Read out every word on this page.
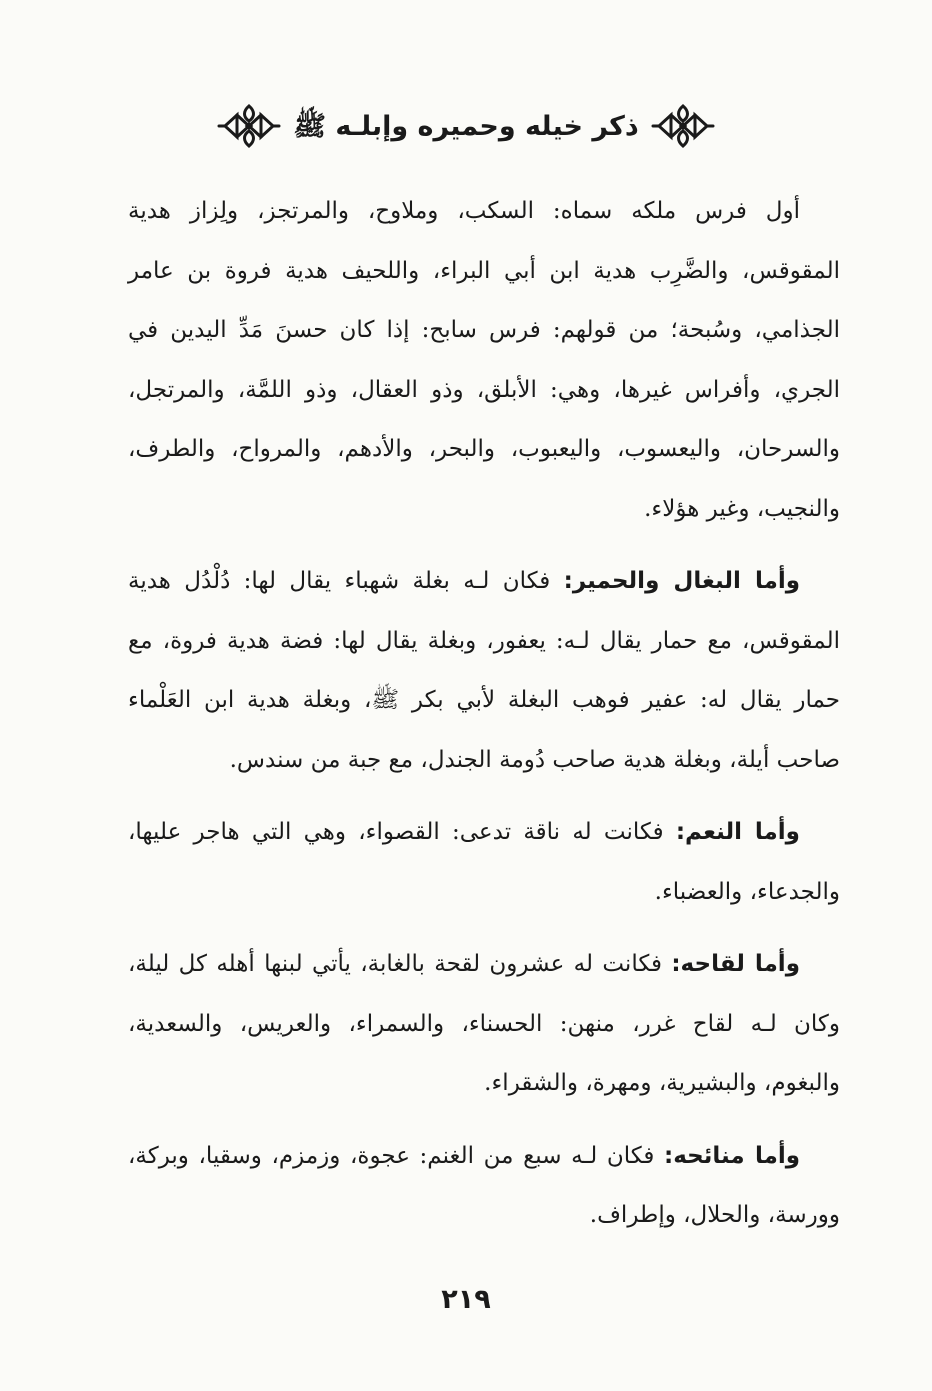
ذكر خيله وحميره وإبلـه ﷺ

أول فرس ملكه سماه: السكب، وملاوح، والمرتجز، ولِزاز هدية المقوقس، والضَّرِب هدية ابن أبي البراء، واللحيف هدية فروة بن عامر الجذامي، وسُبحة؛ من قولهم: فرس سابح: إذا كان حسنَ مَدِّ اليدين في الجري، وأفراس غيرها، وهي: الأبلق، وذو العقال، وذو اللمَّة، والمرتجل، والسرحان، واليعسوب، واليعبوب، والبحر، والأدهم، والمرواح، والطرف، والنجيب، وغير هؤلاء.

وأما البغال والحمير: فكان لـه بغلة شهباء يقال لها: دُلْدُل هدية المقوقس، مع حمار يقال لـه: يعفور، وبغلة يقال لها: فضة هدية فروة، مع حمار يقال له: عفير فوهب البغلة لأبي بكر ﷺ، وبغلة هدية ابن العَلْماء صاحب أيلة، وبغلة هدية صاحب دُومة الجندل، مع جبة من سندس.

وأما النعم: فكانت له ناقة تدعى: القصواء، وهي التي هاجر عليها، والجدعاء، والعضباء.

وأما لقاحه: فكانت له عشرون لقحة بالغابة، يأتي لبنها أهله كل ليلة، وكان لـه لقاح غرر، منهن: الحسناء، والسمراء، والعريس، والسعدية، والبغوم، والبشيرية، ومهرة، والشقراء.

وأما منائحه: فكان لـه سبع من الغنم: عجوة، وزمزم، وسقيا، وبركة، وورسة، والحلال، وإطراف.

٢١٩
